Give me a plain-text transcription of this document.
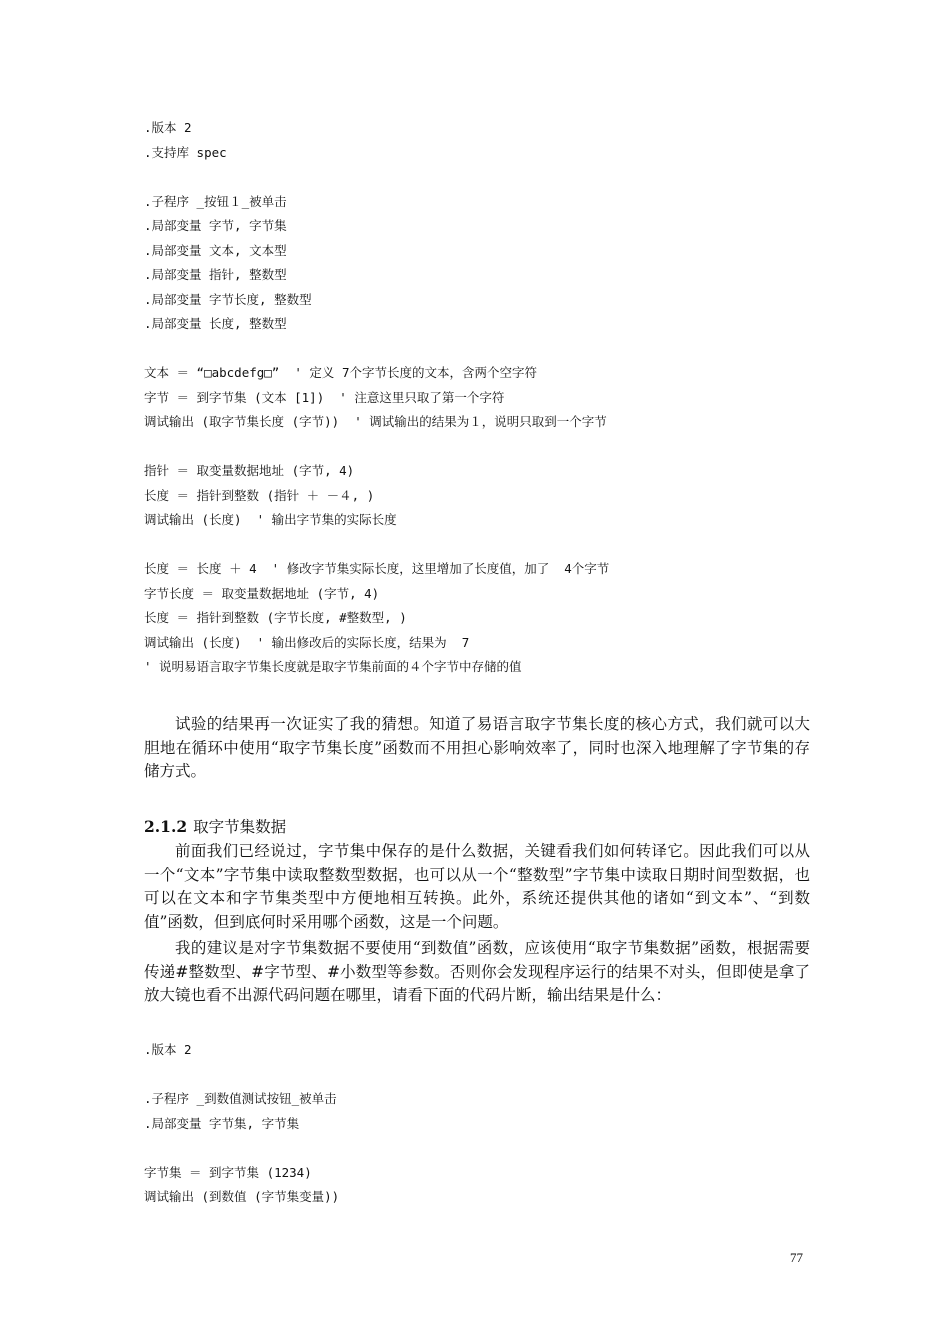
.版本 2
.支持库 spec
.子程序 _按钮１_被单击
.局部变量 字节, 字节集
.局部变量 文本, 文本型
.局部变量 指针, 整数型
.局部变量 字节长度, 整数型
.局部变量 长度, 整数型
文本 ＝ “□abcdefg□”  ' 定义 7个字节长度的文本，含两个空字符
字节 ＝ 到字节集 (文本 [1])  ' 注意这里只取了第一个字符
调试输出 (取字节集长度 (字节))  ' 调试输出的结果为１，说明只取到一个字节
指针 ＝ 取变量数据地址 (字节, 4)
长度 ＝ 指针到整数 (指针 ＋ －４, )
调试输出 (长度)  ' 输出字节集的实际长度
长度 ＝ 长度 ＋ 4  ' 修改字节集实际长度，这里增加了长度值，加了  4个字节
字节长度 ＝ 取变量数据地址 (字节, 4)
长度 ＝ 指针到整数 (字节长度, #整数型, )
调试输出 (长度)  ' 输出修改后的实际长度，结果为  7
' 说明易语言取字节集长度就是取字节集前面的４个字节中存储的值

试验的结果再一次证实了我的猜想。知道了易语言取字节集长度的核心方式，我们就可以大胆地在循环中使用“取字节集长度”函数而不用担心影响效率了，同时也深入地理解了字节集的存储方式。

2.1.2 取字节集数据

前面我们已经说过，字节集中保存的是什么数据，关键看我们如何转译它。因此我们可以从一个“文本”字节集中读取整数型数据，也可以从一个“整数型”字节集中读取日期时间型数据，也可以在文本和字节集类型中方便地相互转换。此外，系统还提供其他的诸如“到文本”、“到数值”函数，但到底何时采用哪个函数，这是一个问题。

我的建议是对字节集数据不要使用“到数值”函数，应该使用“取字节集数据”函数，根据需要传递#整数型、#字节型、#小数型等参数。否则你会发现程序运行的结果不对头，但即使是拿了放大镜也看不出源代码问题在哪里，请看下面的代码片断，输出结果是什么：

.版本 2
.子程序 _到数值测试按钮_被单击
.局部变量 字节集, 字节集
字节集 ＝ 到字节集 (1234)
调试输出 (到数值 (字节集变量))
77
